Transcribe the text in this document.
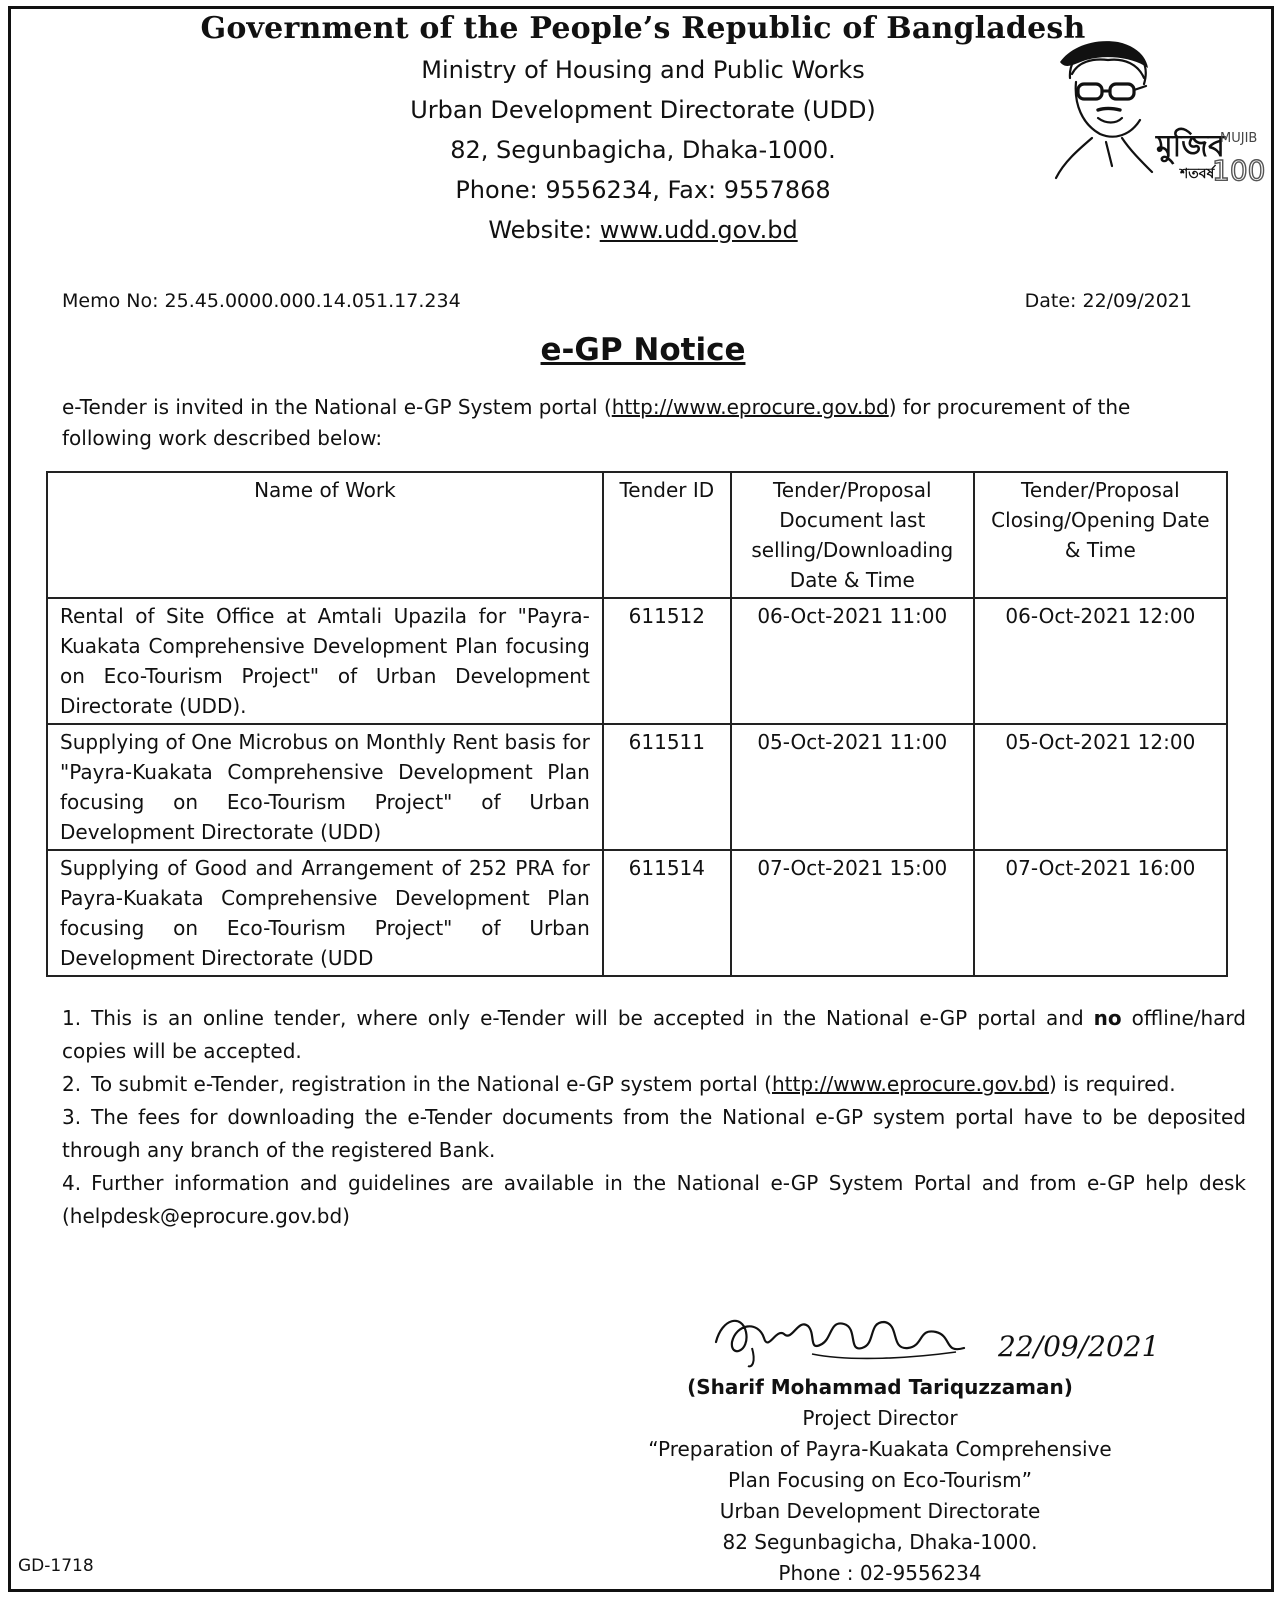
Government of the People’s Republic of Bangladesh

Ministry of Housing and Public Works

Urban Development Directorate (UDD)

82, Segunbagicha, Dhaka-1000.

Phone: 9556234, Fax: 9557868

Website: www.udd.gov.bd

মুজিব
শতবর্ষ
MUJIB
100
Memo No: 25.45.0000.000.14.051.17.234	Date: 22/09/2021
e-GP Notice

e-Tender is invited in the National e-GP System portal (http://www.eprocure.gov.bd) for procurement of the following work described below:

Name of Work	Tender ID	Tender/Proposal Document last selling/Downloading Date & Time	Tender/Proposal Closing/Opening Date & Time
Rental of Site Office at Amtali Upazila for "Payra-Kuakata Comprehensive Development Plan focusing on Eco-Tourism Project" of Urban Development Directorate (UDD).	611512	06-Oct-2021 11:00	06-Oct-2021 12:00
Supplying of One Microbus on Monthly Rent basis for "Payra-Kuakata Comprehensive Development Plan focusing on Eco-Tourism Project" of Urban Development Directorate (UDD)	611511	05-Oct-2021 11:00	05-Oct-2021 12:00
Supplying of Good and Arrangement of 252 PRA for Payra-Kuakata Comprehensive Development Plan focusing on Eco-Tourism Project" of Urban Development Directorate (UDD	611514	07-Oct-2021 15:00	07-Oct-2021 16:00
1. This is an online tender, where only e-Tender will be accepted in the National e-GP portal and no offline/hard copies will be accepted.
2. To submit e-Tender, registration in the National e-GP system portal (http://www.eprocure.gov.bd) is required.
3. The fees for downloading the e-Tender documents from the National e-GP system portal have to be deposited through any branch of the registered Bank.
4. Further information and guidelines are available in the National e-GP System Portal and from e-GP help desk (helpdesk@eprocure.gov.bd)
22/09/2021
(Sharif Mohammad Tariquzzaman)
Project Director
“Preparation of Payra-Kuakata Comprehensive
Plan Focusing on Eco-Tourism”
Urban Development Directorate
82 Segunbagicha, Dhaka-1000.
Phone : 02-9556234
GD-1718
